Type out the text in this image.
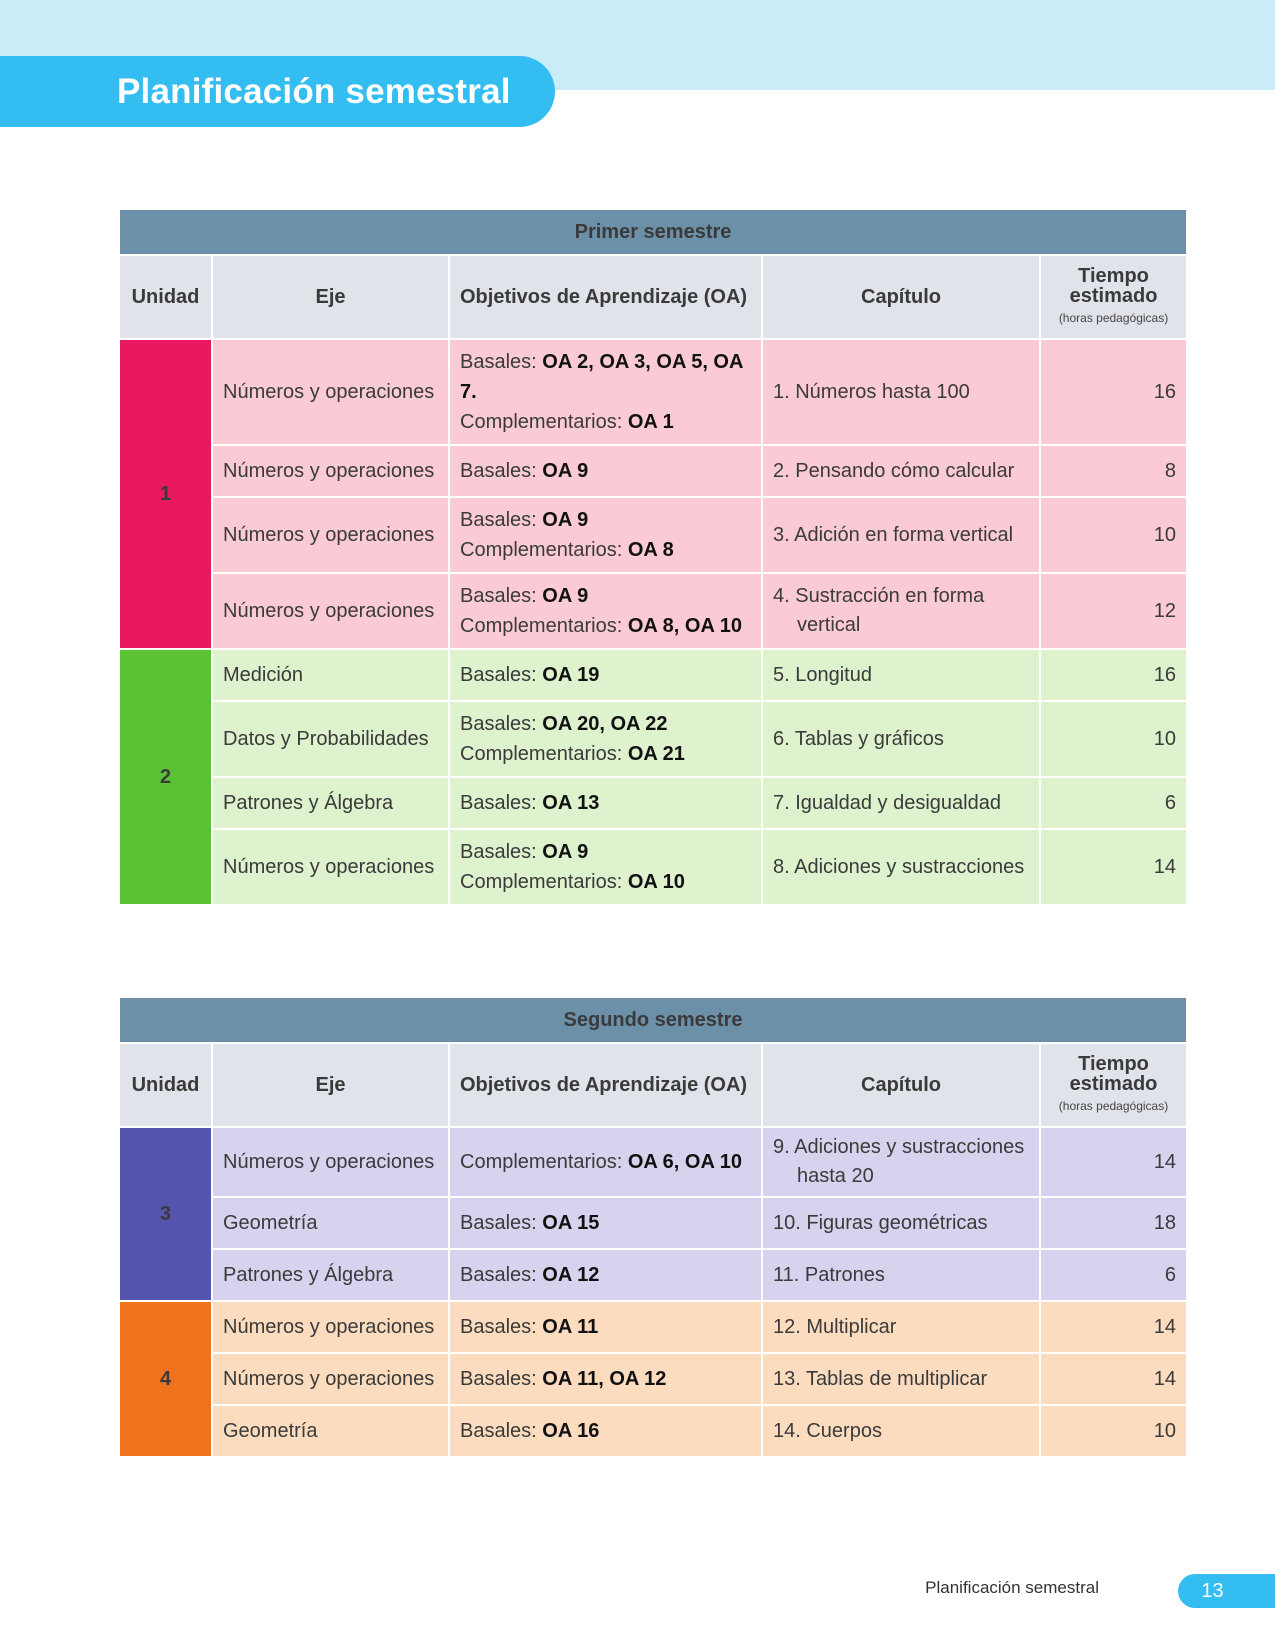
Planificación semestral
Primer semestre				
Unidad	Eje	Objetivos de Aprendizaje (OA)	Capítulo	Tiempo estimado
(horas pedagógicas)

1	Números y operaciones	Basales: OA 2, OA 3, OA 5, OA 7.
Complementarios: OA 1	1. Números hasta 100	16
	Números y operaciones	Basales: OA 9	2. Pensando cómo calcular	8
	Números y operaciones	Basales: OA 9
Complementarios: OA 8	3. Adición en forma vertical	10
	Números y operaciones	Basales: OA 9
Complementarios: OA 8, OA 10	4. Sustracción en forma
vertical	12
2	Medición	Basales: OA 19	5. Longitud	16
	Datos y Probabilidades	Basales: OA 20, OA 22
Complementarios: OA 21	6. Tablas y gráficos	10
	Patrones y Álgebra	Basales: OA 13	7. Igualdad y desigualdad	6
	Números y operaciones	Basales: OA 9
Complementarios: OA 10	8. Adiciones y sustracciones	14
Segundo semestre				
Unidad	Eje	Objetivos de Aprendizaje (OA)	Capítulo	Tiempo estimado
(horas pedagógicas)

3	Números y operaciones	Complementarios: OA 6, OA 10	9. Adiciones y sustracciones
hasta 20	14
	Geometría	Basales: OA 15	10. Figuras geométricas	18
	Patrones y Álgebra	Basales: OA 12	11. Patrones	6
4	Números y operaciones	Basales: OA 11	12. Multiplicar	14
	Números y operaciones	Basales: OA 11, OA 12	13. Tablas de multiplicar	14
	Geometría	Basales: OA 16	14. Cuerpos	10
Planificación semestral	13
